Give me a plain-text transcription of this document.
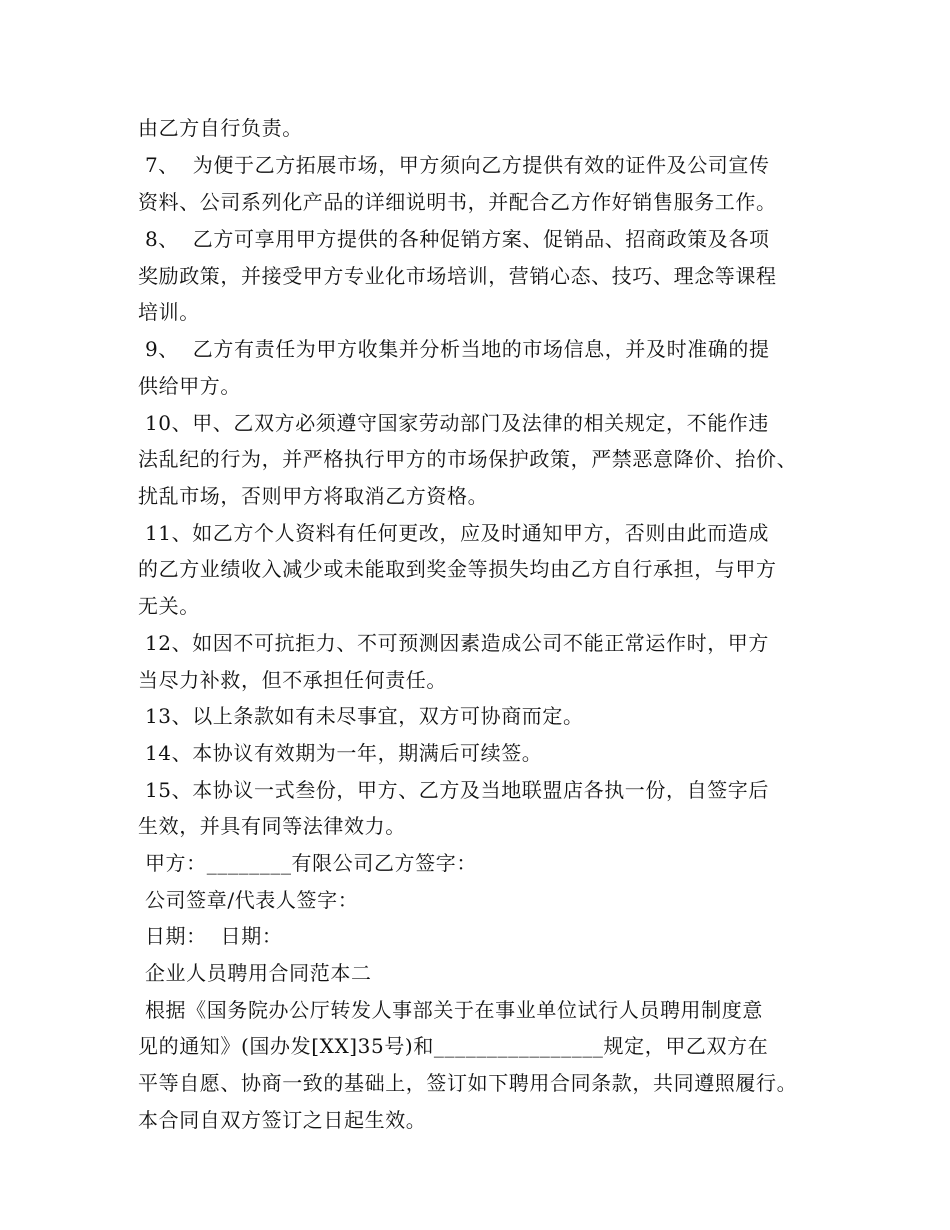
由乙方自行负责。
7、  为便于乙方拓展市场，甲方须向乙方提供有效的证件及公司宣传
资料、公司系列化产品的详细说明书，并配合乙方作好销售服务工作。
8、  乙方可享用甲方提供的各种促销方案、促销品、招商政策及各项
奖励政策，并接受甲方专业化市场培训，营销心态、技巧、理念等课程
培训。
9、  乙方有责任为甲方收集并分析当地的市场信息，并及时准确的提
供给甲方。
10、甲、乙双方必须遵守国家劳动部门及法律的相关规定，不能作违
法乱纪的行为，并严格执行甲方的市场保护政策，严禁恶意降价、抬价、
扰乱市场，否则甲方将取消乙方资格。
11、如乙方个人资料有任何更改，应及时通知甲方，否则由此而造成
的乙方业绩收入减少或未能取到奖金等损失均由乙方自行承担，与甲方
无关。
12、如因不可抗拒力、不可预测因素造成公司不能正常运作时，甲方
当尽力补救，但不承担任何责任。
13、以上条款如有未尽事宜，双方可协商而定。
14、本协议有效期为一年，期满后可续签。
15、本协议一式叁份，甲方、乙方及当地联盟店各执一份，自签字后
生效，并具有同等法律效力。
甲方：________有限公司乙方签字：
公司签章/代表人签字：
日期：  日期：
企业人员聘用合同范本二
根据《国务院办公厅转发人事部关于在事业单位试行人员聘用制度意
见的通知》(国办发[XX]35号)和________________规定，甲乙双方在
平等自愿、协商一致的基础上，签订如下聘用合同条款，共同遵照履行。
本合同自双方签订之日起生效。
